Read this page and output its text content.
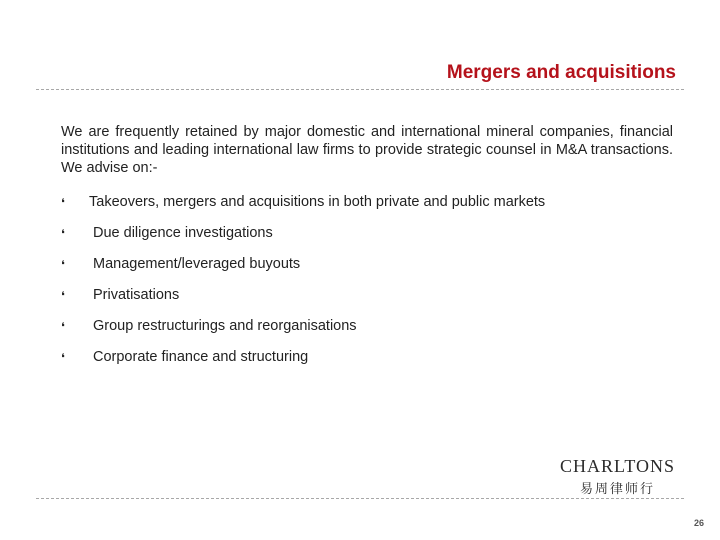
Mergers and acquisitions

We are frequently retained by major domestic and international mineral companies, financial institutions and leading international law firms to provide strategic counsel in M&A transactions. We advise on:-

❛ Takeovers, mergers and acquisitions in both private and public markets
❛ Due diligence investigations
❛ Management/leveraged buyouts
❛ Privatisations
❛ Group restructurings and reorganisations
❛ Corporate finance and structuring
CHARLTONS
易周律师行
26
